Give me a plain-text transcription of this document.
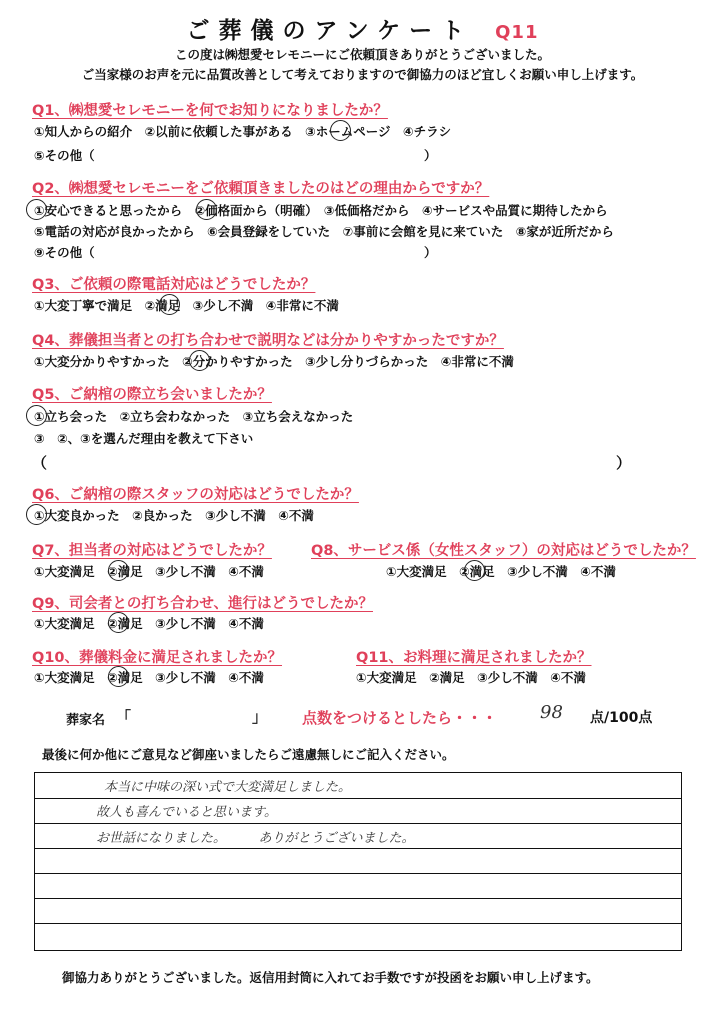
ご葬儀のアンケート Q11
この度は㈱想愛セレモニーにご依頼頂きありがとうございました。
ご当家様のお声を元に品質改善として考えておりますので御協力のほど宜しくお願い申し上げます。
Q1、㈱想愛セレモニーを何でお知りになりましたか？
①知人からの紹介　②以前に依頼した事がある　③ホームページ　④チラシ
⑤その他（	）
Q2、㈱想愛セレモニーをご依頼頂きましたのはどの理由からですか？
①安心できると思ったから　②価格面から（明確）　③低価格だから　④サービスや品質に期待したから
⑤電話の対応が良かったから　⑥会員登録をしていた　⑦事前に会館を見に来ていた　⑧家が近所だから
⑨その他（	）
Q3、ご依頼の際電話対応はどうでしたか？
①大変丁寧で満足　②満足　③少し不満　④非常に不満
Q4、葬儀担当者との打ち合わせで説明などは分かりやすかったですか？
①大変分かりやすかった　②分かりやすかった　③少し分りづらかった　④非常に不満
Q5、ご納棺の際立ち会いましたか？
①立ち会った　②立ち会わなかった　③立ち会えなかった
③　②、③を選んだ理由を教えて下さい
（	）
Q6、ご納棺の際スタッフの対応はどうでしたか？
①大変良かった　②良かった　③少し不満　④不満
Q7、担当者の対応はどうでしたか？	Q8、サービス係（女性スタッフ）の対応はどうでしたか？
①大変満足　②満足　③少し不満　④不満	①大変満足　②満足　③少し不満　④不満
Q9、司会者との打ち合わせ、進行はどうでしたか？
①大変満足　②満足　③少し不満　④不満
Q10、葬儀料金に満足されましたか？	Q11、お料理に満足されましたか？
①大変満足　②満足　③少し不満　④不満	①大変満足　②満足　③少し不満　④不満
葬家名 「	」 点数をつけるとしたら・・・ 98 点/100点
最後に何か他にご意見など御座いましたらご遠慮無しにご記入ください。
本当に中味の深い式で大変満足しました。
故人も喜んでいると思います。
お世話になりました。　　　ありがとうございました。
御協力ありがとうございました。返信用封筒に入れてお手数ですが投函をお願い申し上げます。
